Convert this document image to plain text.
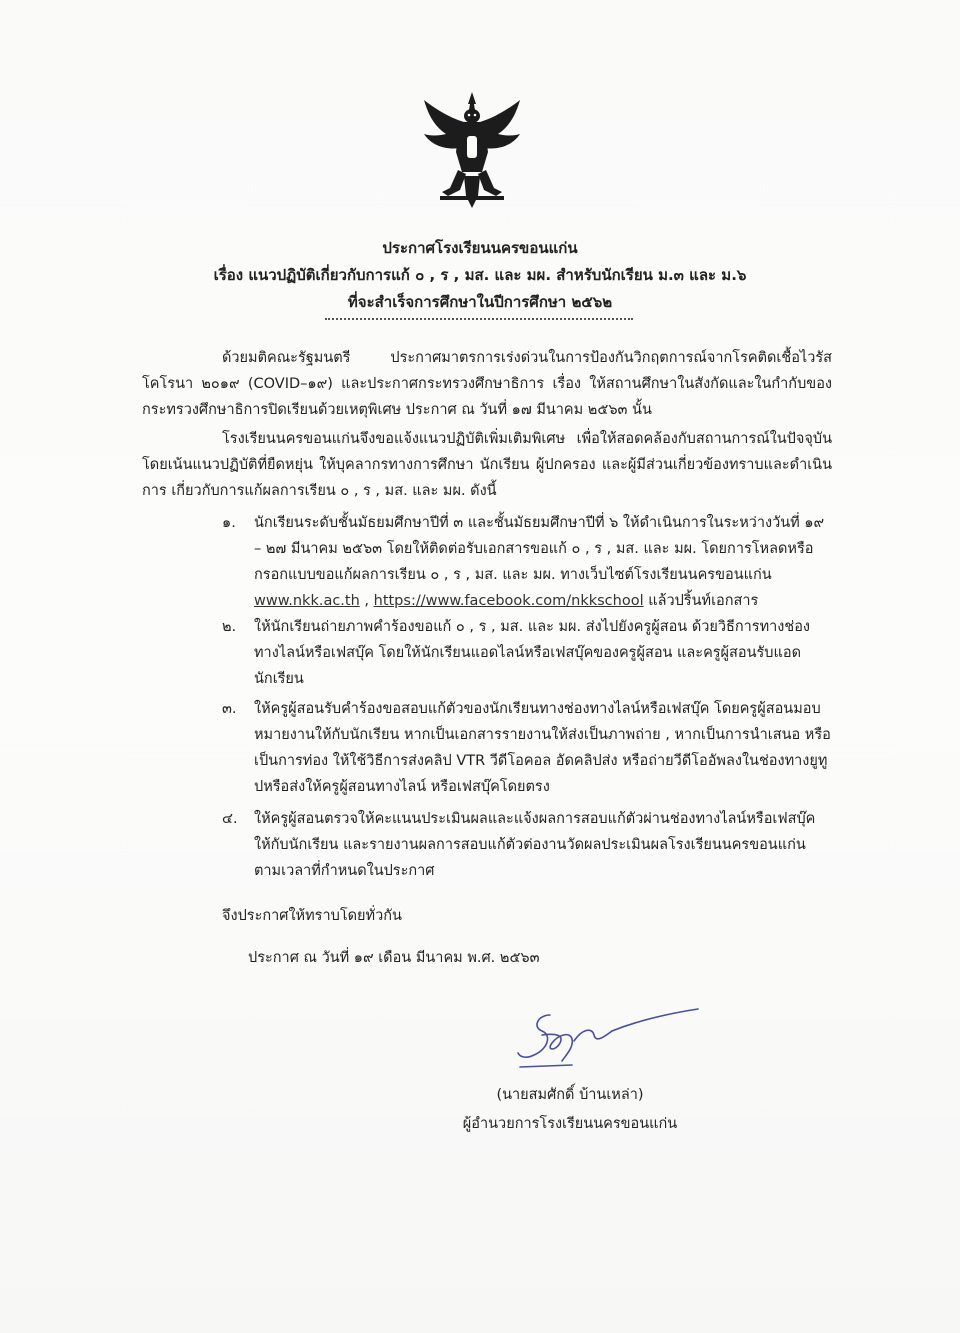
ประกาศโรงเรียนนครขอนแก่น
เรื่อง แนวปฏิบัติเกี่ยวกับการแก้ ๐ , ร , มส. และ มผ. สำหรับนักเรียน ม.๓ และ ม.๖
ที่จะสำเร็จการศึกษาในปีการศึกษา ๒๕๖๒

ด้วยมติคณะรัฐมนตรี ประกาศมาตรการเร่งด่วนในการป้องกันวิกฤตการณ์จากโรคติดเชื้อไวรัสโคโรนา ๒๐๑๙ (COVID–๑๙) และประกาศกระทรวงศึกษาธิการ เรื่อง ให้สถานศึกษาในสังกัดและในกำกับของกระทรวงศึกษาธิการปิดเรียนด้วยเหตุพิเศษ ประกาศ ณ วันที่ ๑๗ มีนาคม ๒๕๖๓ นั้น

โรงเรียนนครขอนแก่นจึงขอแจ้งแนวปฏิบัติเพิ่มเติมพิเศษ เพื่อให้สอดคล้องกับสถานการณ์ในปัจจุบัน โดยเน้นแนวปฏิบัติที่ยืดหยุ่น ให้บุคลากรทางการศึกษา นักเรียน ผู้ปกครอง และผู้มีส่วนเกี่ยวข้องทราบและดำเนินการ เกี่ยวกับการแก้ผลการเรียน ๐ , ร , มส. และ มผ. ดังนี้

๑. นักเรียนระดับชั้นมัธยมศึกษาปีที่ ๓ และชั้นมัธยมศึกษาปีที่ ๖ ให้ดำเนินการในระหว่างวันที่ ๑๙ – ๒๗ มีนาคม ๒๕๖๓ โดยให้ติดต่อรับเอกสารขอแก้ ๐ , ร , มส. และ มผ. โดยการโหลดหรือกรอกแบบขอแก้ผลการเรียน ๐ , ร , มส. และ มผ. ทางเว็บไซต์โรงเรียนนครขอนแก่น www.nkk.ac.th , https://www.facebook.com/nkkschool แล้วปริ้นท์เอกสาร
๒. ให้นักเรียนถ่ายภาพคำร้องขอแก้ ๐ , ร , มส. และ มผ. ส่งไปยังครูผู้สอน ด้วยวิธีการทางช่องทางไลน์หรือเฟสบุ๊ค โดยให้นักเรียนแอดไลน์หรือเฟสบุ๊คของครูผู้สอน และครูผู้สอนรับแอดนักเรียน
๓. ให้ครูผู้สอนรับคำร้องขอสอบแก้ตัวของนักเรียนทางช่องทางไลน์หรือเฟสบุ๊ค โดยครูผู้สอนมอบหมายงานให้กับนักเรียน หากเป็นเอกสารรายงานให้ส่งเป็นภาพถ่าย , หากเป็นการนำเสนอ หรือ เป็นการท่อง ให้ใช้วิธีการส่งคลิป VTR วีดีโอคอล อัดคลิปส่ง หรือถ่ายวีดีโออัพลงในช่องทางยูทูปหรือส่งให้ครูผู้สอนทางไลน์ หรือเฟสบุ๊คโดยตรง
๔. ให้ครูผู้สอนตรวจให้คะแนนประเมินผลและแจ้งผลการสอบแก้ตัวผ่านช่องทางไลน์หรือเฟสบุ๊คให้กับนักเรียน และรายงานผลการสอบแก้ตัวต่องานวัดผลประเมินผลโรงเรียนนครขอนแก่น ตามเวลาที่กำหนดในประกาศ
จึงประกาศให้ทราบโดยทั่วกัน
ประกาศ ณ วันที่ ๑๙ เดือน มีนาคม พ.ศ. ๒๕๖๓
(นายสมศักดิ์ บ้านเหล่า)
ผู้อำนวยการโรงเรียนนครขอนแก่น
